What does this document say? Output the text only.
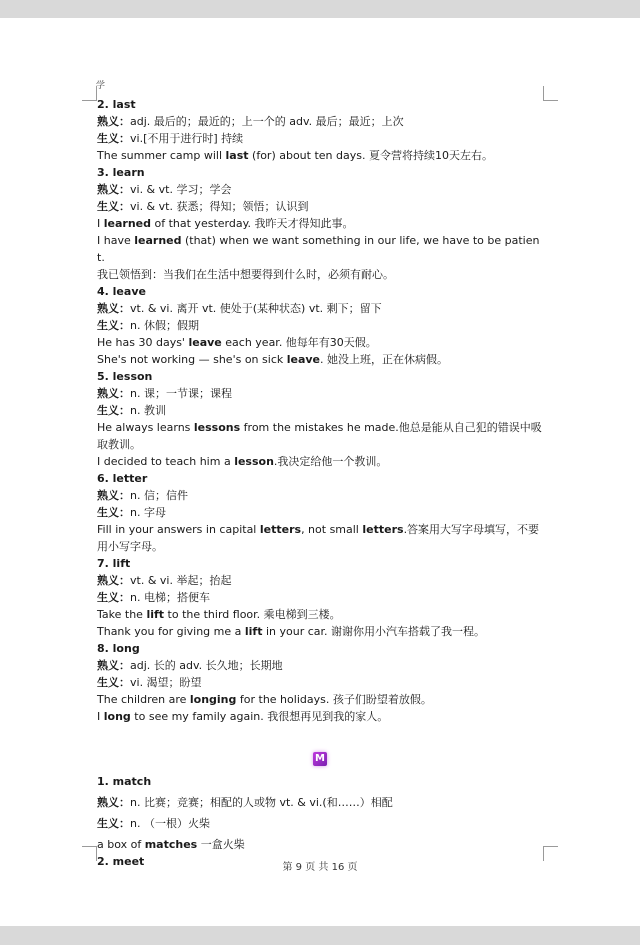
学
2. last
熟义：adj. 最后的；最近的；上一个的 adv. 最后；最近；上次
生义：vi.[不用于进行时] 持续
The summer camp will last (for) about ten days. 夏令营将持续10天左右。
3. learn
熟义：vi. & vt. 学习；学会
生义：vi. & vt. 获悉；得知；领悟；认识到
I learned of that yesterday. 我昨天才得知此事。
I have learned (that) when we want something in our life, we have to be patient.
我已领悟到：当我们在生活中想要得到什么时，必须有耐心。
4. leave
熟义：vt. & vi. 离开 vt. 使处于(某种状态) vt. 剩下；留下
生义：n. 休假；假期
He has 30 days' leave each year. 他每年有30天假。
She's not working — she's on sick leave. 她没上班，正在休病假。
5. lesson
熟义：n. 课；一节课；课程
生义：n. 教训
He always learns lessons from the mistakes he made.他总是能从自己犯的错误中吸取教训。
I decided to teach him a lesson.我决定给他一个教训。
6. letter
熟义：n. 信；信件
生义：n. 字母
Fill in your answers in capital letters, not small letters.答案用大写字母填写，不要用小写字母。
7. lift
熟义：vt. & vi. 举起；抬起
生义：n. 电梯；搭便车
Take the lift to the third floor. 乘电梯到三楼。
Thank you for giving me a lift in your car. 谢谢你用小汽车搭载了我一程。
8. long
熟义：adj. 长的 adv. 长久地；长期地
生义：vi. 渴望；盼望
The children are longing for the holidays. 孩子们盼望着放假。
I long to see my family again. 我很想再见到我的家人。
M
1. match
熟义：n. 比赛；竞赛；相配的人或物 vt. & vi.(和……）相配
生义：n. （一根）火柴
a box of matches 一盒火柴
2. meet	第 9 页 共 16 页
